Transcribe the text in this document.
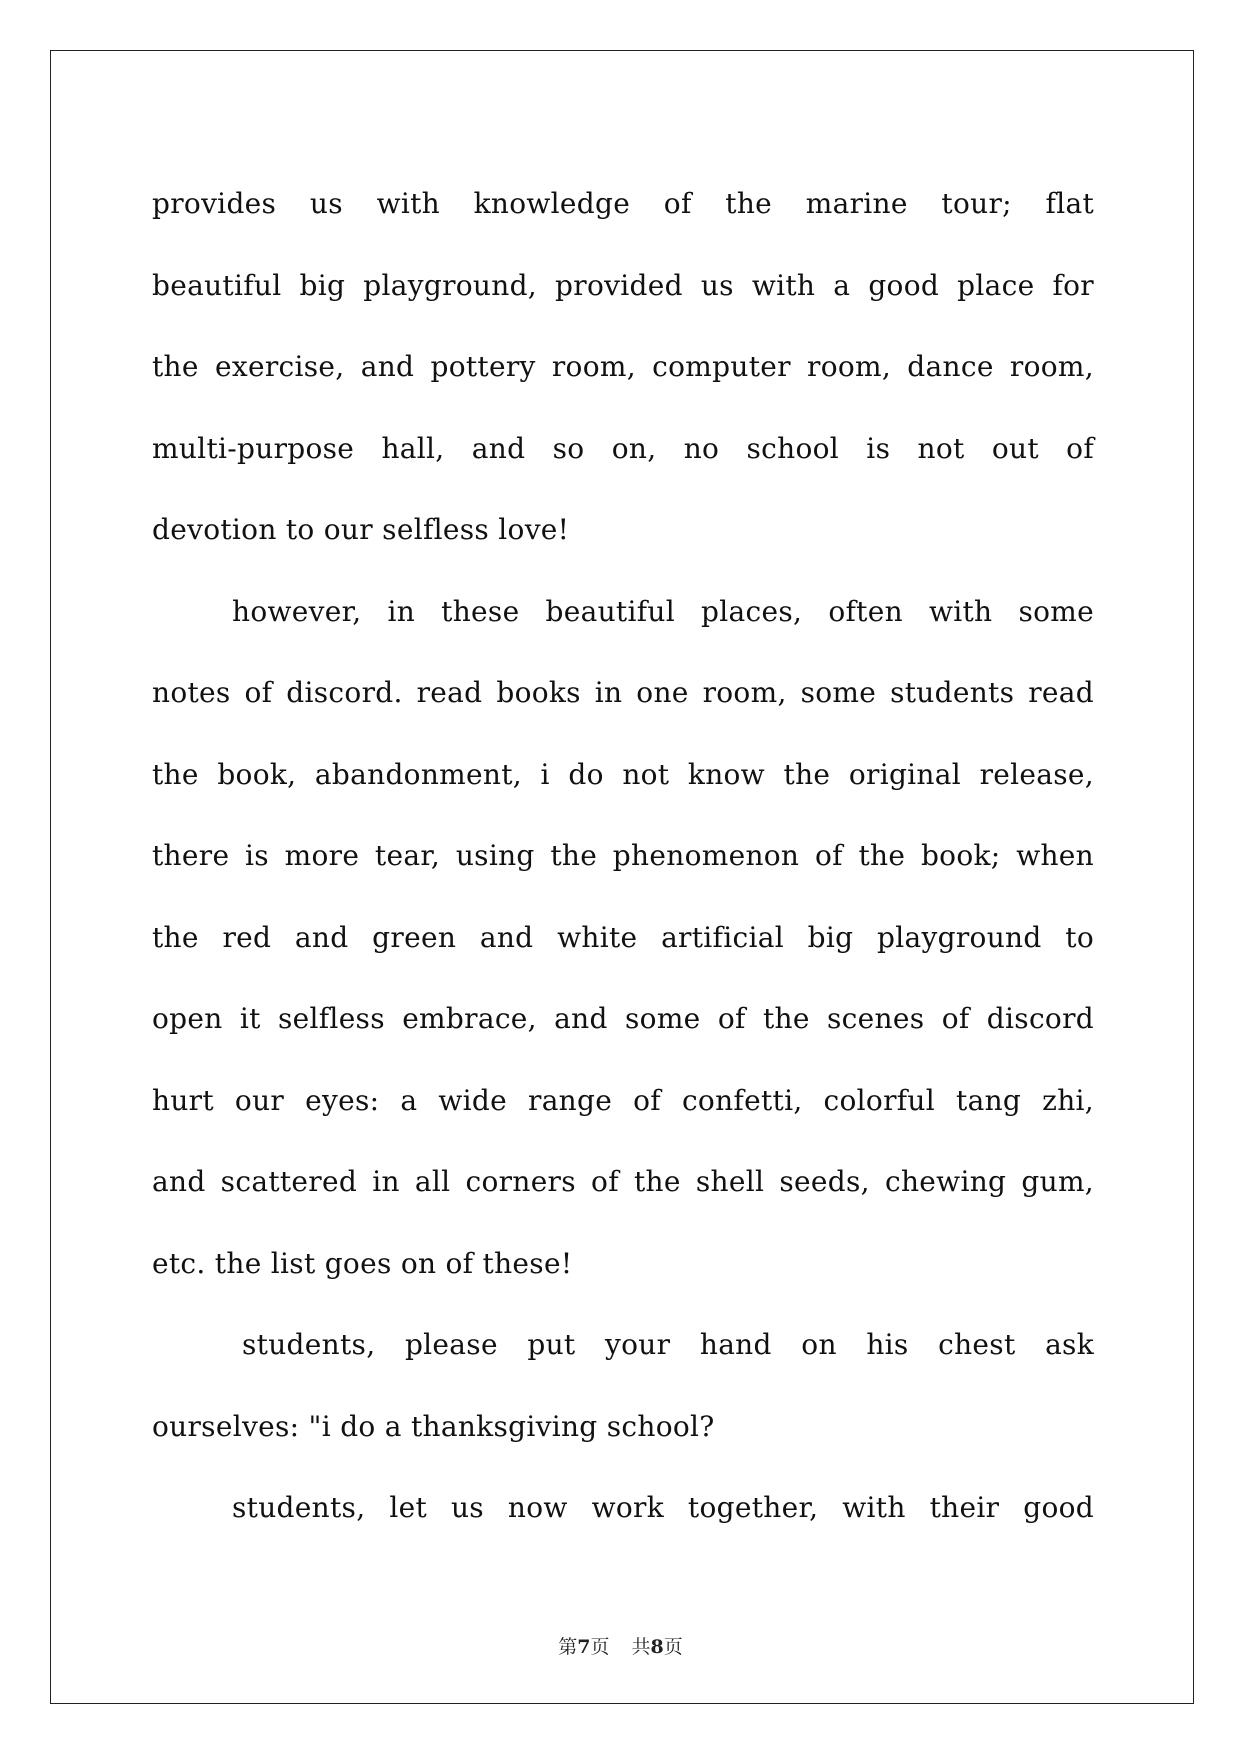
provides us with knowledge of the marine tour; flat
beautiful big playground, provided us with a good place for
the exercise, and pottery room, computer room, dance room,
multi-purpose hall, and so on, no school is not out of
devotion to our selfless love!
however, in these beautiful places, often with some
notes of discord. read books in one room, some students read
the book, abandonment, i do not know the original release,
there is more tear, using the phenomenon of the book; when
the red and green and white artificial big playground to
open it selfless embrace, and some of the scenes of discord
hurt our eyes: a wide range of confetti, colorful tang zhi,
and scattered in all corners of the shell seeds, chewing gum,
etc. the list goes on of these!
students, please put your hand on his chest ask
ourselves: "i do a thanksgiving school?
students, let us now work together, with their good
第7页 共8页
